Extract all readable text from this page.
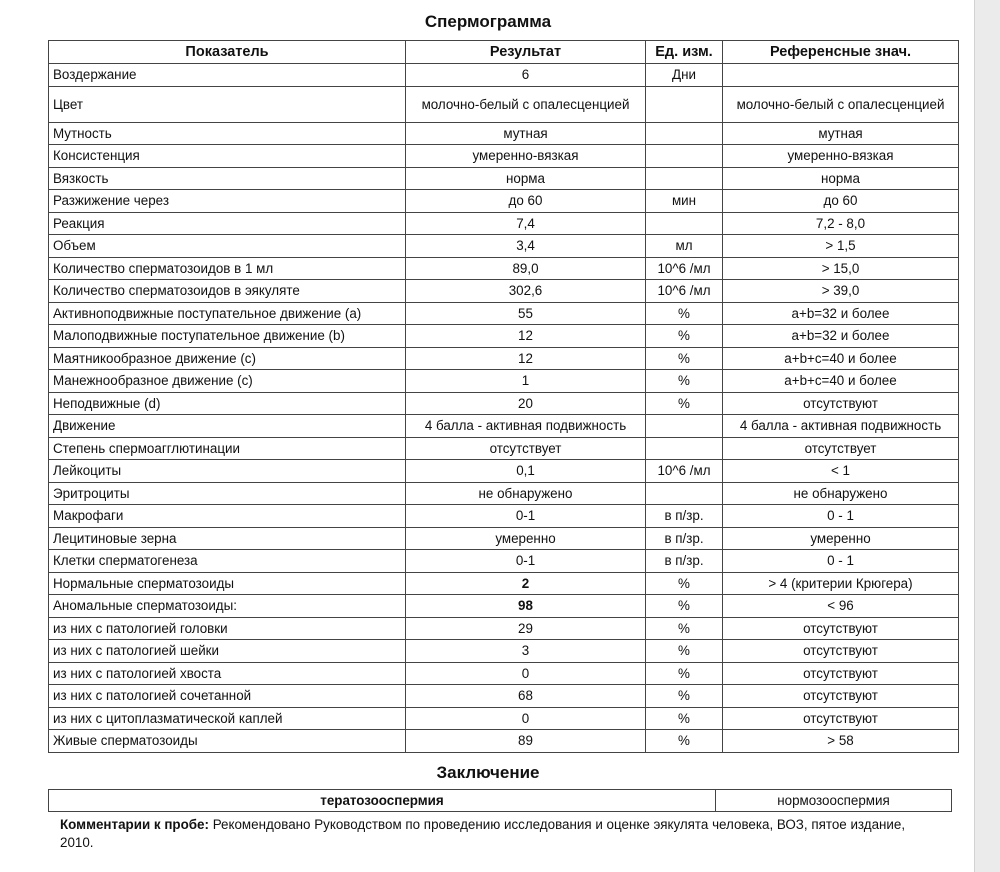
Спермограмма
Показатель	Результат	Ед. изм.	Референсные знач.
Воздержание	6	Дни	
Цвет	молочно-белый с опалесценцией		молочно-белый с опалесценцией
Мутность	мутная		мутная
Консистенция	умеренно-вязкая		умеренно-вязкая
Вязкость	норма		норма
Разжижение через	до 60	мин	до 60
Реакция	7,4		7,2 - 8,0
Объем	3,4	мл	> 1,5
Количество сперматозоидов в 1 мл	89,0	10^6 /мл	> 15,0
Количество сперматозоидов в эякуляте	302,6	10^6 /мл	> 39,0
Активноподвижные поступательное движение (a)	55	%	a+b=32 и более
Малоподвижные поступательное движение (b)	12	%	a+b=32 и более
Маятникообразное движение (c)	12	%	a+b+c=40 и более
Манежнообразное движение (c)	1	%	a+b+c=40 и более
Неподвижные (d)	20	%	отсутствуют
Движение	4 балла - активная подвижность		4 балла - активная подвижность
Степень спермоагглютинации	отсутствует		отсутствует
Лейкоциты	0,1	10^6 /мл	< 1
Эритроциты	не обнаружено		не обнаружено
Макрофаги	0-1	в п/зр.	0 - 1
Лецитиновые зерна	умеренно	в п/зр.	умеренно
Клетки сперматогенеза	0-1	в п/зр.	0 - 1
Нормальные сперматозоиды	2	%	> 4 (критерии Крюгера)
Аномальные сперматозоиды:	98	%	< 96
из них с патологией головки	29	%	отсутствуют
из них с патологией шейки	3	%	отсутствуют
из них с патологией хвоста	0	%	отсутствуют
из них с патологией сочетанной	68	%	отсутствуют
из них с цитоплазматической каплей	0	%	отсутствуют
Живые сперматозоиды	89	%	> 58
Заключение
тератозооспермия	нормозооспермия
Комментарии к пробе: Рекомендовано Руководством по проведению исследования и оценке эякулята человека, ВОЗ, пятое издание, 2010.
